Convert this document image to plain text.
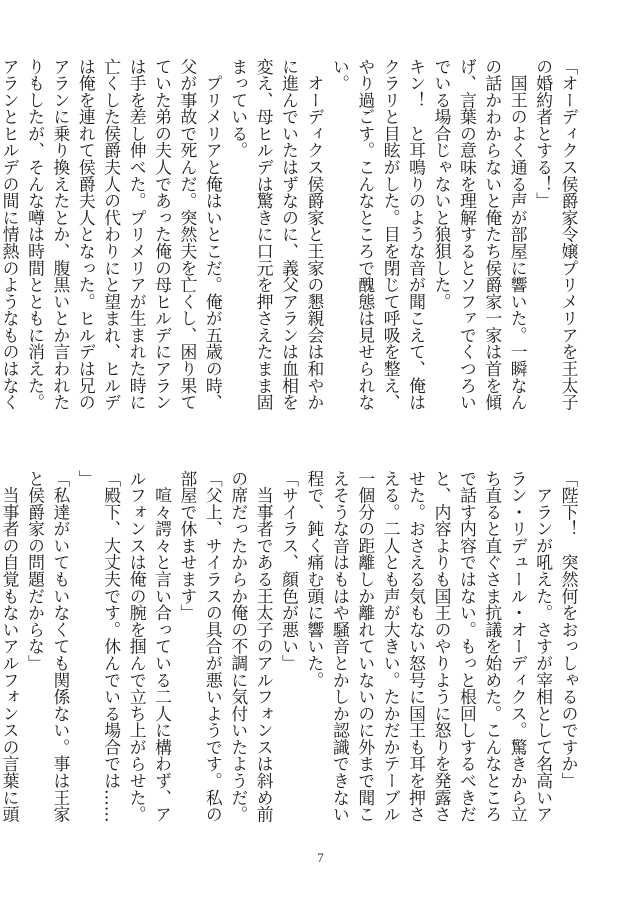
「オーディクス侯爵家令嬢プリメリアを王太子
の婚約者とする！」
　国王のよく通る声が部屋に響いた。一瞬なん
の話かわからないと俺たち侯爵家一家は首を傾
げ、言葉の意味を理解するとソファでくつろい
でいる場合じゃないと狼狽した。
キン！　と耳鳴りのような音が聞こえて、俺は
クラリと目眩がした。目を閉じて呼吸を整え、
やり過ごす。こんなところで醜態は見せられな
い。
　オーディクス侯爵家と王家の懇親会は和やか
に進んでいたはずなのに、義父アランは血相を
変え、母ヒルデは驚きに口元を押さえたまま固
まっている。
　プリメリアと俺はいとこだ。俺が五歳の時、
父が事故で死んだ。突然夫を亡くし、困り果て
ていた弟の夫人であった俺の母ヒルデにアラン
は手を差し伸べた。プリメリアが生まれた時に
亡くした侯爵夫人の代わりにと望まれ、ヒルデ
は俺を連れて侯爵夫人となった。ヒルデは兄の
アランに乗り換えたとか、腹黒いとか言われた
りもしたが、そんな噂は時間とともに消えた。
アランとヒルデの間に情熱のようなものはなく
「陛下！　突然何をおっしゃるのですか」
　アランが吼えた。さすが宰相として名高いア
ラン・リデュール・オーディクス。驚きから立
ち直ると直ぐさま抗議を始めた。こんなところ
で話す内容ではない。もっと根回しするべきだ
と、内容よりも国王のやりように怒りを発露さ
せた。おさえる気もない怒号に国王も耳を押さ
える。二人とも声が大きい。たかだかテーブル
一個分の距離しか離れていないのに外まで聞こ
えそうな音はもはや騒音とかしか認識できない
程で、鈍く痛む頭に響いた。
「サイラス、顔色が悪い」
　当事者である王太子のアルフォンスは斜め前
の席だったからか俺の不調に気付いたようだ。
「父上、サイラスの具合が悪いようです。私の
部屋で休ませます」
　喧々諤々と言い合っている二人に構わず、ア
ルフォンスは俺の腕を掴んで立ち上がらせた。
「殿下、大丈夫です。休んでいる場合では……
」
「私達がいてもいなくても関係ない。事は王家
と侯爵家の問題だからな」
　当事者の自覚もないアルフォンスの言葉に頭
7
